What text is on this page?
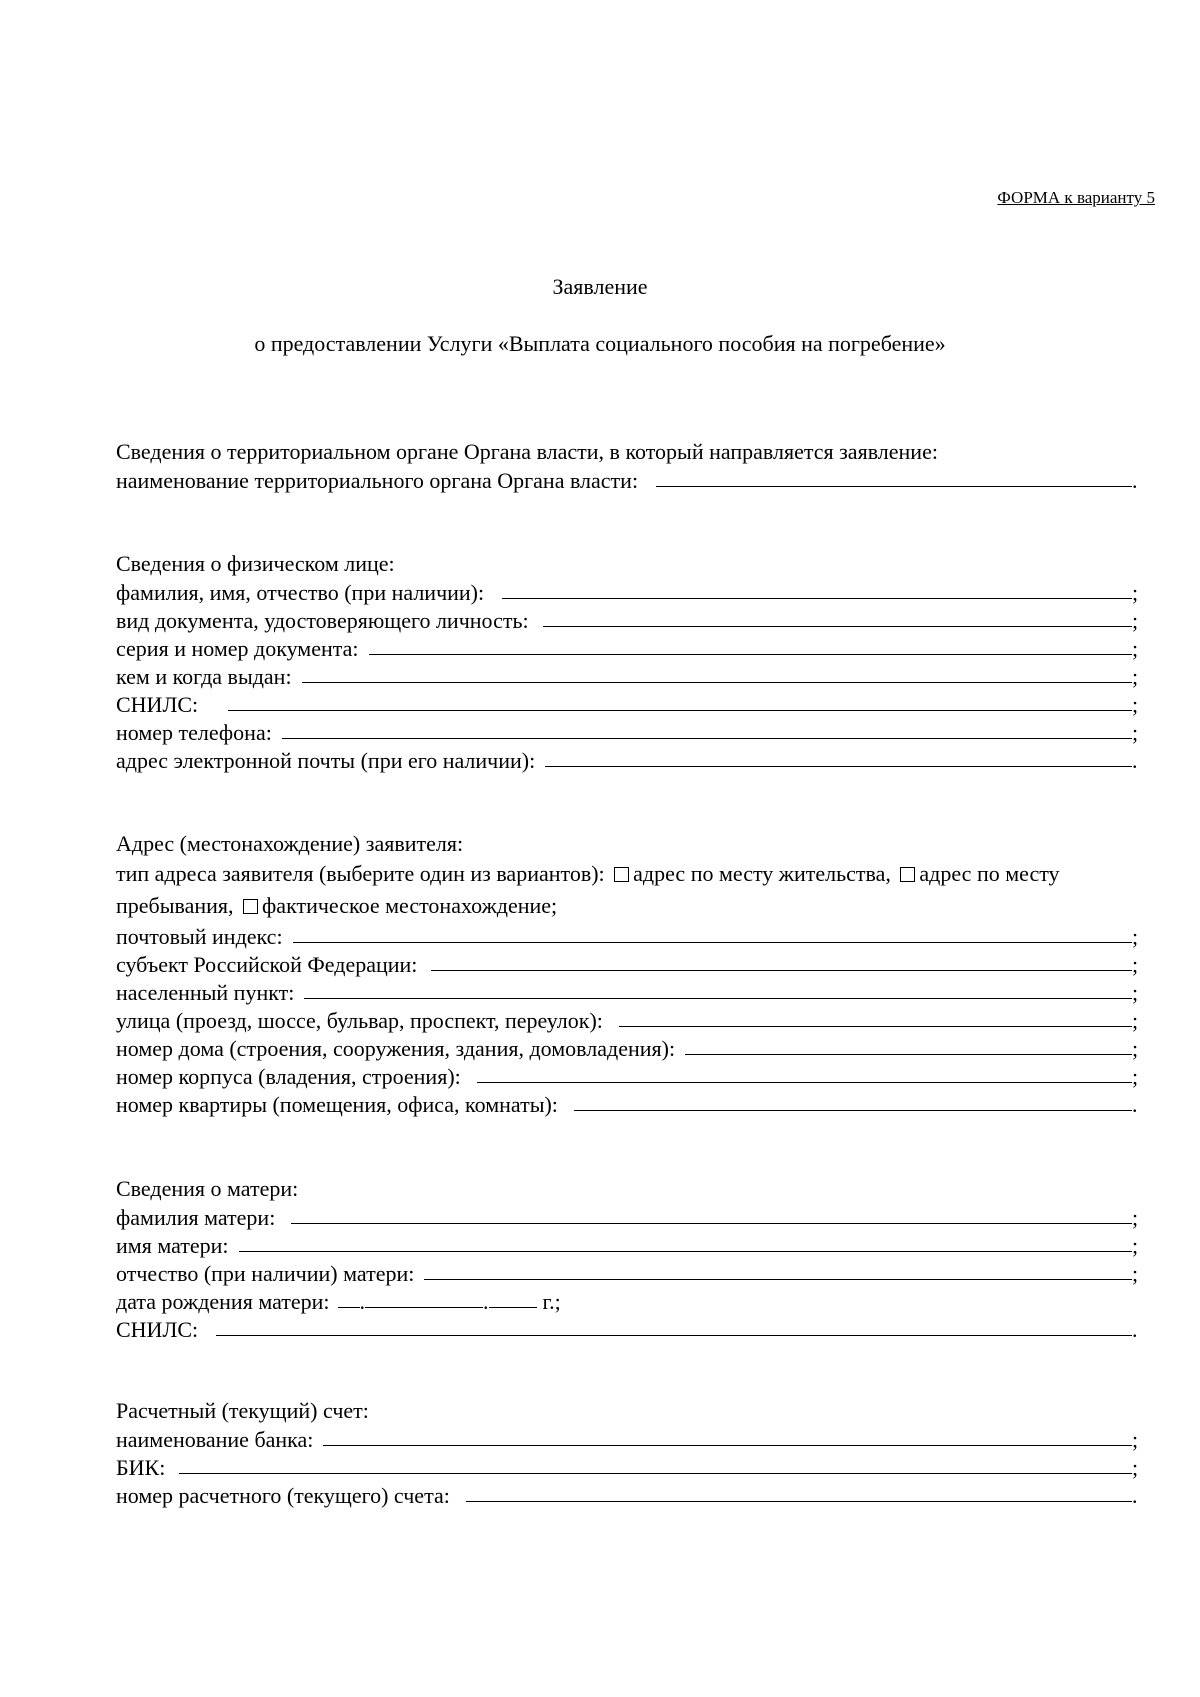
ФОРМА к варианту 5
Заявление
о предоставлении Услуги «Выплата социального пособия на погребение»
Сведения о территориальном органе Органа власти, в который направляется заявление:
наименование территориального органа Органа власти:	.
Сведения о физическом лице:
фамилия, имя, отчество (при наличии):	;
вид документа, удостоверяющего личность:	;
серия и номер документа:	;
кем и когда выдан:	;
СНИЛС:	;
номер телефона:	;
адрес электронной почты (при его наличии):	.
Адрес (местонахождение) заявителя:
тип адреса заявителя (выберите один из вариантов): адрес по месту жительства, адрес по месту пребывания, фактическое местонахождение;
почтовый индекс:	;
субъект Российской Федерации:	;
населенный пункт:	;
улица (проезд, шоссе, бульвар, проспект, переулок):	;
номер дома (строения, сооружения, здания, домовладения):	;
номер корпуса (владения, строения):	;
номер квартиры (помещения, офиса, комнаты):	.
Сведения о матери:
фамилия матери:	;
имя матери:	;
отчество (при наличии) матери:	;
дата рождения матери: .	. г.;
СНИЛС:	.
Расчетный (текущий) счет:
наименование банка:	;
БИК:	;
номер расчетного (текущего) счета:	.
